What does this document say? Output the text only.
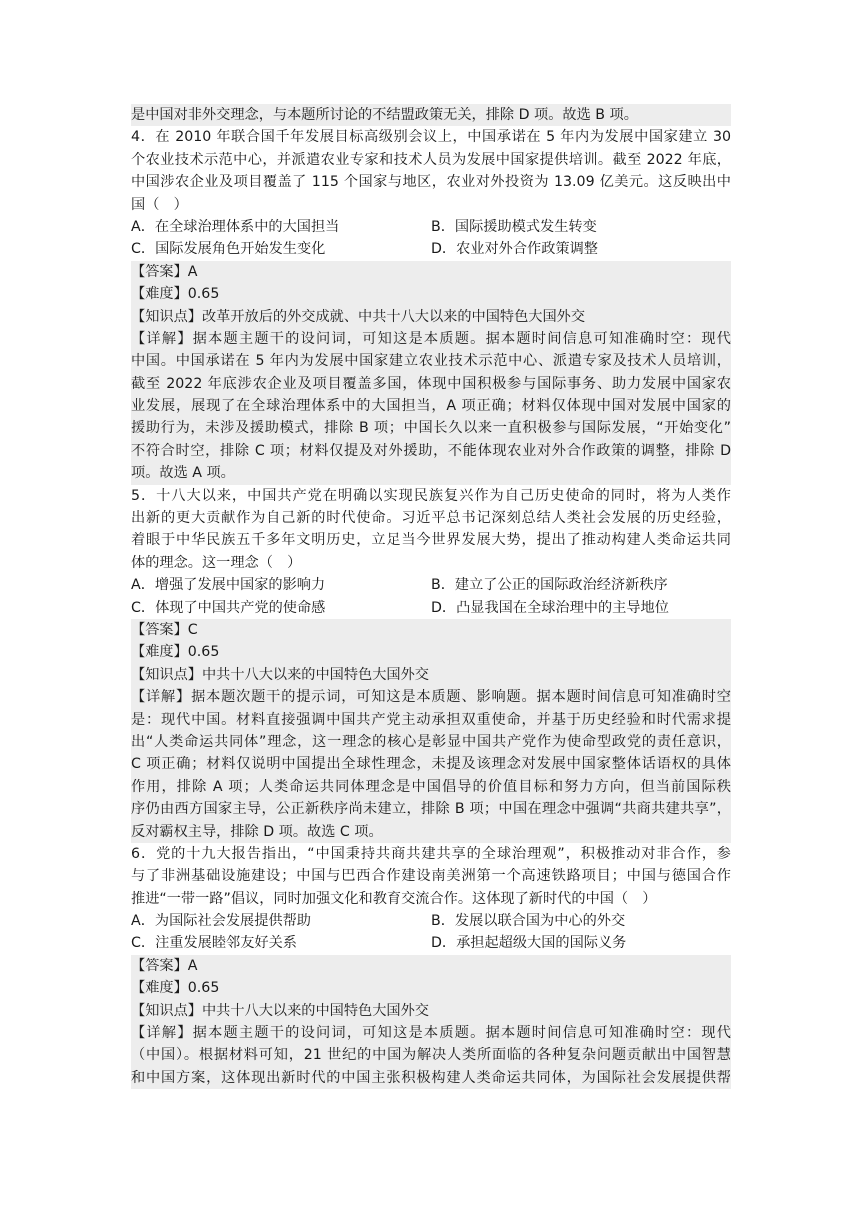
是中国对非外交理念，与本题所讨论的不结盟政策无关，排除 D 项。故选 B 项。
4．在 2010 年联合国千年发展目标高级别会议上，中国承诺在 5 年内为发展中国家建立 30
个农业技术示范中心，并派遣农业专家和技术人员为发展中国家提供培训。截至 2022 年底，
中国涉农企业及项目覆盖了 115 个国家与地区，农业对外投资为 13.09 亿美元。这反映出中
国（　）
A．在全球治理体系中的大国担当	B．国际援助模式发生转变
C．国际发展角色开始发生变化	D．农业对外合作政策调整
【答案】A
【难度】0.65
【知识点】改革开放后的外交成就、中共十八大以来的中国特色大国外交
【详解】据本题主题干的设问词，可知这是本质题。据本题时间信息可知准确时空：现代
中国。中国承诺在 5 年内为发展中国家建立农业技术示范中心、派遣专家及技术人员培训，
截至 2022 年底涉农企业及项目覆盖多国，体现中国积极参与国际事务、助力发展中国家农
业发展，展现了在全球治理体系中的大国担当，A 项正确；材料仅体现中国对发展中国家的
援助行为，未涉及援助模式，排除 B 项；中国长久以来一直积极参与国际发展，“开始变化”
不符合时空，排除 C 项；材料仅提及对外援助，不能体现农业对外合作政策的调整，排除 D
项。故选 A 项。
5．十八大以来，中国共产党在明确以实现民族复兴作为自己历史使命的同时，将为人类作
出新的更大贡献作为自己新的时代使命。习近平总书记深刻总结人类社会发展的历史经验，
着眼于中华民族五千多年文明历史，立足当今世界发展大势，提出了推动构建人类命运共同
体的理念。这一理念（　）
A．增强了发展中国家的影响力	B．建立了公正的国际政治经济新秩序
C．体现了中国共产党的使命感	D．凸显我国在全球治理中的主导地位
【答案】C
【难度】0.65
【知识点】中共十八大以来的中国特色大国外交
【详解】据本题次题干的提示词，可知这是本质题、影响题。据本题时间信息可知准确时空
是：现代中国。材料直接强调中国共产党主动承担双重使命，并基于历史经验和时代需求提
出“人类命运共同体”理念，这一理念的核心是彰显中国共产党作为使命型政党的责任意识，
C 项正确；材料仅说明中国提出全球性理念，未提及该理念对发展中国家整体话语权的具体
作用，排除 A 项；人类命运共同体理念是中国倡导的价值目标和努力方向，但当前国际秩
序仍由西方国家主导，公正新秩序尚未建立，排除 B 项；中国在理念中强调“共商共建共享”，
反对霸权主导，排除 D 项。故选 C 项。
6．党的十九大报告指出，“中国秉持共商共建共享的全球治理观”，积极推动对非合作，参
与了非洲基础设施建设；中国与巴西合作建设南美洲第一个高速铁路项目；中国与德国合作
推进“一带一路”倡议，同时加强文化和教育交流合作。这体现了新时代的中国（　）
A．为国际社会发展提供帮助	B．发展以联合国为中心的外交
C．注重发展睦邻友好关系	D．承担起超级大国的国际义务
【答案】A
【难度】0.65
【知识点】中共十八大以来的中国特色大国外交
【详解】据本题主题干的设问词，可知这是本质题。据本题时间信息可知准确时空：现代
（中国）。根据材料可知，21 世纪的中国为解决人类所面临的各种复杂问题贡献出中国智慧
和中国方案，这体现出新时代的中国主张积极构建人类命运共同体，为国际社会发展提供帮
